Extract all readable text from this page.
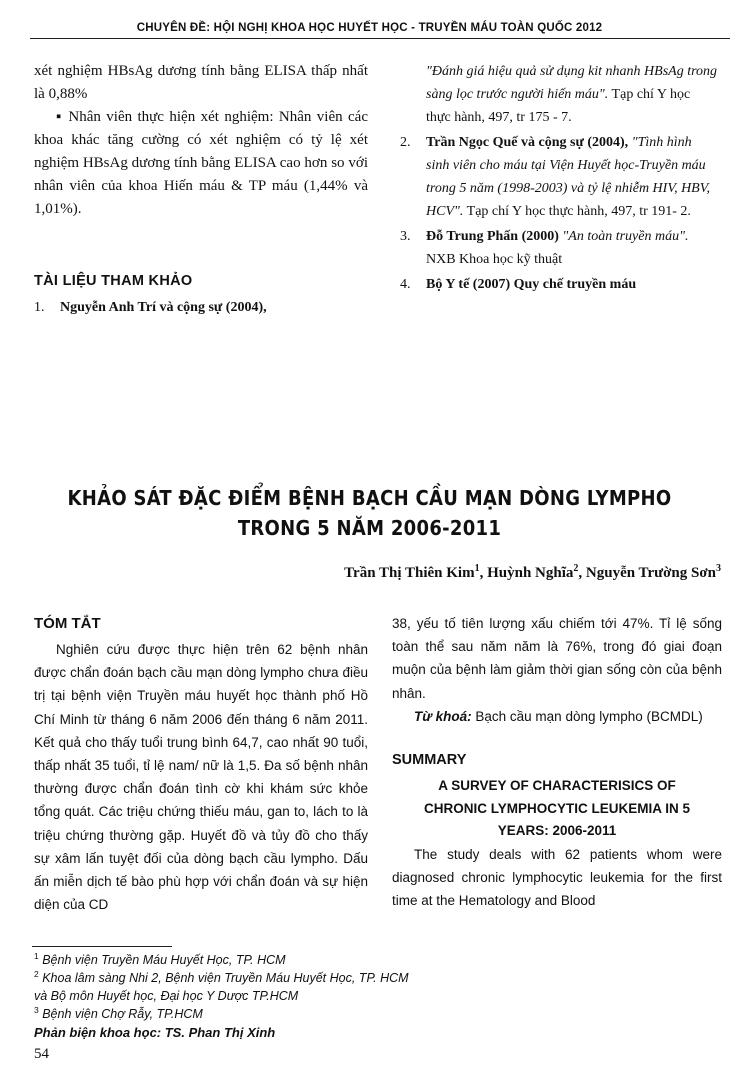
CHUYÊN ĐỀ: HỘI NGHỊ KHOA HỌC HUYẾT HỌC - TRUYỀN MÁU TOÀN QUỐC 2012

xét nghiệm HBsAg dương tính bằng ELISA thấp nhất là 0,88%

▪ Nhân viên thực hiện xét nghiệm: Nhân viên các khoa khác tăng cường có xét nghiệm có tỷ lệ xét nghiệm HBsAg dương tính bằng ELISA cao hơn so với nhân viên của khoa Hiến máu & TP máu (1,44% và 1,01%).

TÀI LIỆU THAM KHẢO

1. Nguyễn Anh Trí và cộng sự (2004),

"Đánh giá hiệu quả sử dụng kit nhanh HBsAg trong sàng lọc trước người hiến máu". Tạp chí Y học thực hành, 497, tr 175 - 7.

2. Trần Ngọc Quế và cộng sự (2004), "Tình hình sinh viên cho máu tại Viện Huyết học-Truyền máu trong 5 năm (1998-2003) và tỷ lệ nhiễm HIV, HBV, HCV". Tạp chí Y học thực hành, 497, tr 191- 2.

3. Đỗ Trung Phấn (2000) "An toàn truyền máu". NXB Khoa học kỹ thuật

4. Bộ Y tế (2007) Quy chế truyền máu

KHẢO SÁT ĐẶC ĐIỂM BỆNH BẠCH CẦU MẠN DÒNG LYMPHO
TRONG 5 NĂM 2006-2011
Trần Thị Thiên Kim$^1$, Huỳnh Nghĩa$^2$, Nguyễn Trường Sơn$^3$
TÓM TẮT

Nghiên cứu được thực hiện trên 62 bệnh nhân được chẩn đoán bạch cầu mạn dòng lympho chưa điều trị tại bệnh viện Truyền máu huyết học thành phố Hồ Chí Minh từ tháng 6 năm 2006 đến tháng 6 năm 2011. Kết quả cho thấy tuổi trung bình 64,7, cao nhất 90 tuổi, thấp nhất 35 tuổi, tỉ lệ nam/ nữ là 1,5. Đa số bệnh nhân thường được chẩn đoán tình cờ khi khám sức khỏe tổng quát. Các triệu chứng thiếu máu, gan to, lách to là triệu chứng thường gặp. Huyết đồ và tủy đồ cho thấy sự xâm lấn tuyệt đối của dòng bạch cầu lympho. Dấu ấn miễn dịch tế bào phù hợp với chẩn đoán và sự hiện diện của CD

38, yếu tố tiên lượng xấu chiếm tới 47%. Tỉ lệ sống toàn thể sau năm năm là 76%, trong đó giai đoạn muộn của bệnh làm giảm thời gian sống còn của bệnh nhân.

Từ khoá: Bạch cầu mạn dòng lympho (BCMDL)

SUMMARY
A SURVEY OF CHARACTERISICS OF
CHRONIC LYMPHOCYTIC LEUKEMIA IN 5
YEARS: 2006-2011

The study deals with 62 patients whom were diagnosed chronic lymphocytic leukemia for the first time at the Hematology and Blood

$^1$ Bệnh viện Truyền Máu Huyết Học, TP. HCM
$^2$ Khoa lâm sàng Nhi 2, Bệnh viện Truyền Máu Huyết Học, TP. HCM
và Bộ môn Huyết học, Đại học Y Dược TP.HCM
$^3$ Bệnh viện Chợ Rẫy, TP.HCM
Phản biện khoa học: TS. Phan Thị Xinh
54
